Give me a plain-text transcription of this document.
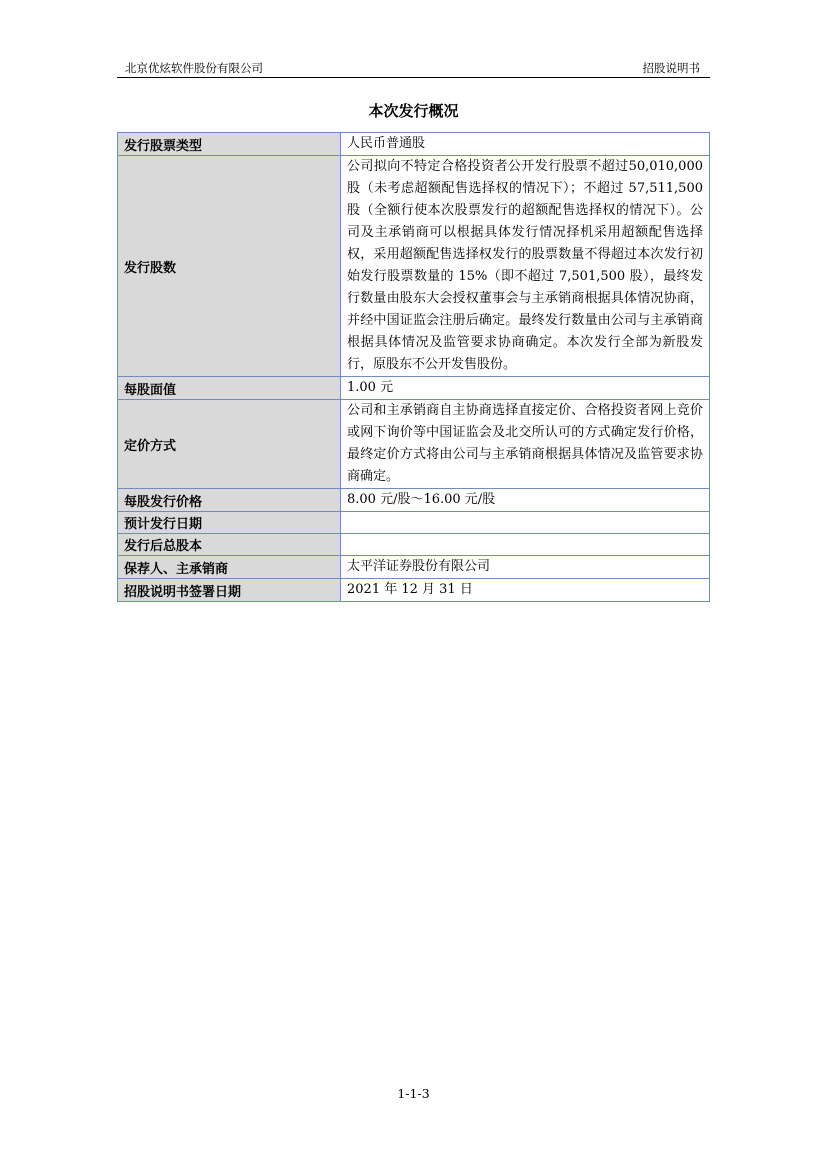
北京优炫软件股份有限公司	招股说明书
本次发行概况
发行股票类型	人民币普通股
发行股数	公司拟向不特定合格投资者公开发行股票不超过50,010,000股（未考虑超额配售选择权的情况下）；不超过 57,511,500 股（全额行使本次股票发行的超额配售选择权的情况下）。公司及主承销商可以根据具体发行情况择机采用超额配售选择权，采用超额配售选择权发行的股票数量不得超过本次发行初始发行股票数量的 15%（即不超过 7,501,500 股），最终发行数量由股东大会授权董事会与主承销商根据具体情况协商，并经中国证监会注册后确定。最终发行数量由公司与主承销商根据具体情况及监管要求协商确定。本次发行全部为新股发行，原股东不公开发售股份。
每股面值	1.00 元
定价方式	公司和主承销商自主协商选择直接定价、合格投资者网上竞价或网下询价等中国证监会及北交所认可的方式确定发行价格，最终定价方式将由公司与主承销商根据具体情况及监管要求协商确定。
每股发行价格	8.00 元/股～16.00 元/股
预计发行日期	
发行后总股本	
保荐人、主承销商	太平洋证券股份有限公司
招股说明书签署日期	2021 年 12 月 31 日
1-1-3
